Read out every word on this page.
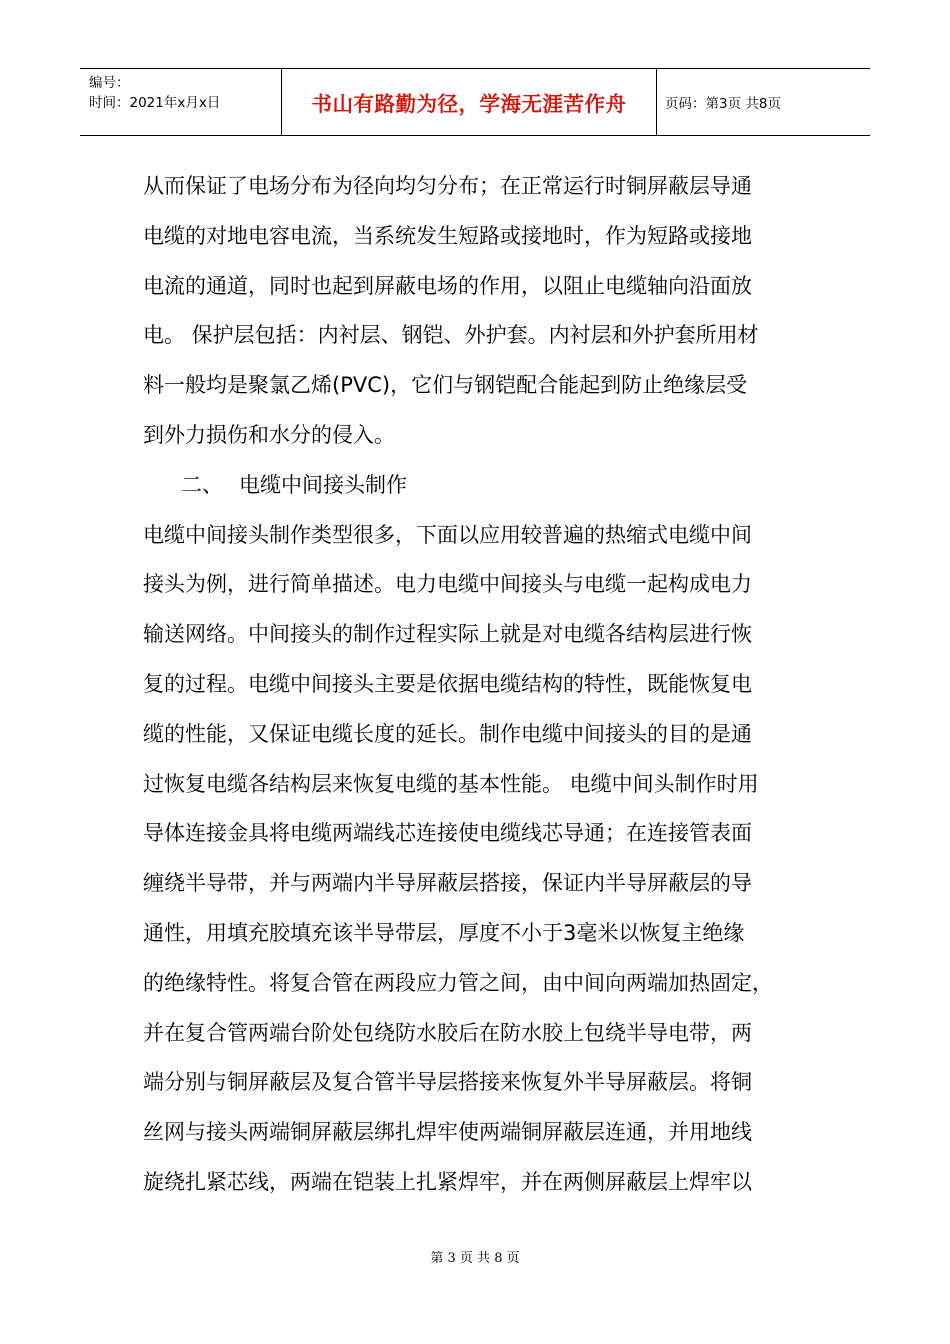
编号：
时间：2021年x月x日	书山有路勤为径，学海无涯苦作舟	页码：第3页 共8页
从而保证了电场分布为径向均匀分布；在正常运行时铜屏蔽层导通
电缆的对地电容电流，当系统发生短路或接地时，作为短路或接地
电流的通道，同时也起到屏蔽电场的作用，以阻止电缆轴向沿面放
电。 保护层包括：内衬层、钢铠、外护套。内衬层和外护套所用材
料一般均是聚氯乙烯(PVC)，它们与钢铠配合能起到防止绝缘层受
到外力损伤和水分的侵入。
二、 电缆中间接头制作
电缆中间接头制作类型很多，下面以应用较普遍的热缩式电缆中间
接头为例，进行简单描述。电力电缆中间接头与电缆一起构成电力
输送网络。中间接头的制作过程实际上就是对电缆各结构层进行恢
复的过程。电缆中间接头主要是依据电缆结构的特性，既能恢复电
缆的性能，又保证电缆长度的延长。制作电缆中间接头的目的是通
过恢复电缆各结构层来恢复电缆的基本性能。 电缆中间头制作时用
导体连接金具将电缆两端线芯连接使电缆线芯导通；在连接管表面
缠绕半导带，并与两端内半导屏蔽层搭接，保证内半导屏蔽层的导
通性，用填充胶填充该半导带层，厚度不小于3毫米以恢复主绝缘
的绝缘特性。将复合管在两段应力管之间，由中间向两端加热固定，
并在复合管两端台阶处包绕防水胶后在防水胶上包绕半导电带，两
端分别与铜屏蔽层及复合管半导层搭接来恢复外半导屏蔽层。将铜
丝网与接头两端铜屏蔽层绑扎焊牢使两端铜屏蔽层连通，并用地线
旋绕扎紧芯线，两端在铠装上扎紧焊牢，并在两侧屏蔽层上焊牢以
第 3 页 共 8 页
